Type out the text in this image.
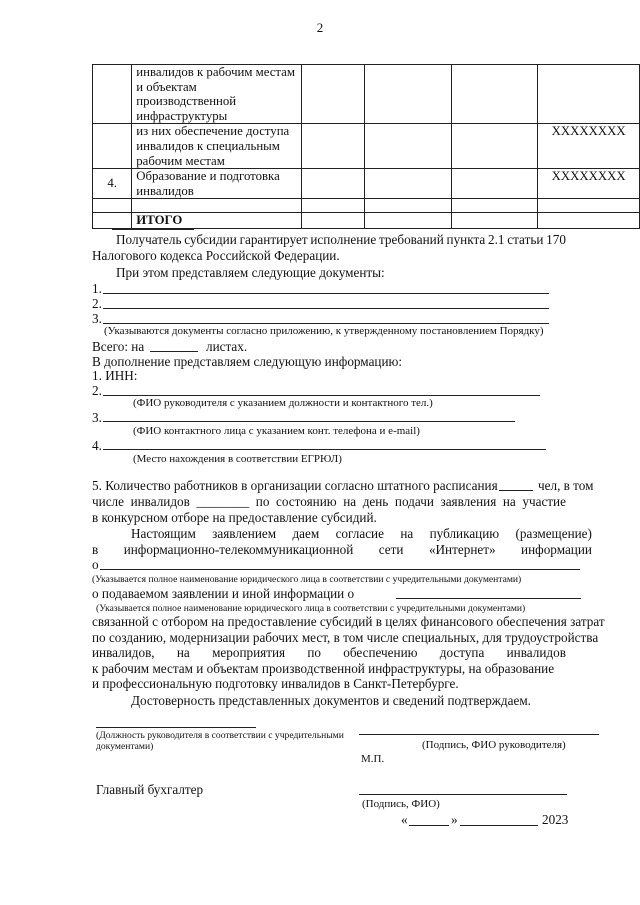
2

	инвалидов к рабочим местам
и объектам производственной
инфраструктуры				

	из них обеспечение доступа
инвалидов к специальным
рабочим местам				XXXXXXXX
4.	Образование и подготовка
инвалидов				XXXXXXXX

	ИТОГО				
Получатель субсидии гарантирует исполнение требований пункта 2.1 статьи 170
Налогового кодекса Российской Федерации.
При этом представляем следующие документы:
1.
2.
3.
(Указываются документы согласно приложению, к утвержденному постановлением Порядку)
Всего: на	листах.
В дополнение представляем следующую информацию:
1. ИНН:
2.
(ФИО руководителя с указанием должности и контактного тел.)
3.
(ФИО контактного лица с указанием конт. телефона и e-mail)
4.
(Место нахождения в соответствии ЕГРЮЛ)
5. Количество работников в организации согласно штатного расписания	чел, в том
числе инвалидов ________ по состоянию на день подачи заявления на участие
в конкурсном отборе на предоставление субсидий.
Настоящим заявлением даем согласие на публикацию (размещение)
в информационно-телекоммуникационной сети «Интернет» информации
о
(Указывается полное наименование юридического лица в соответствии с учредительными документами)
о подаваемом заявлении и иной информации о
(Указывается полное наименование юридического лица в соответствии с учредительными документами)
связанной с отбором на предоставление субсидий в целях финансового обеспечения затрат
по созданию, модернизации рабочих мест, в том числе специальных, для трудоустройства
инвалидов, на мероприятия по обеспечению доступа инвалидов
к рабочим местам и объектам производственной инфраструктуры, на образование
и профессиональную подготовку инвалидов в Санкт-Петербурге.
Достоверность представленных документов и сведений подтверждаем.
(Должность руководителя в соответствии с учредительными
документами)	(Подпись, ФИО руководителя)
М.П.
Главный бухгалтер
(Подпись, ФИО)
«	»	2023
